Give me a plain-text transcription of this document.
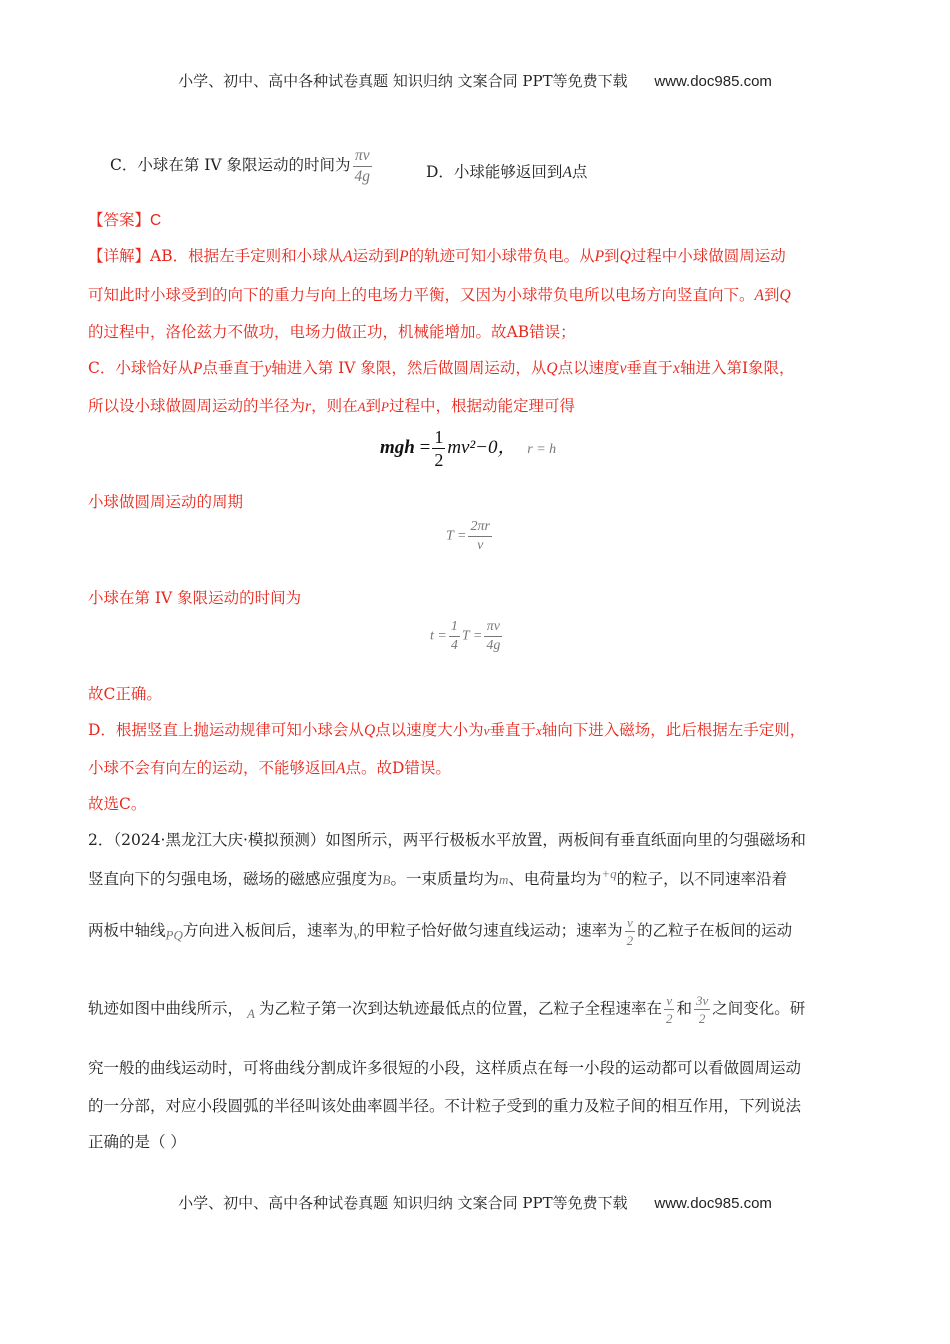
小学、初中、高中各种试卷真题 知识归纳 文案合同 PPT等免费下载 www.doc985.com
C．小球在第 IV 象限运动的时间为 $\frac{\pi v}{4g}$	D．小球能够返回到A点
【答案】C
【详解】AB．根据左手定则和小球从A运动到P的轨迹可知小球带负电。从P到Q过程中小球做圆周运动
可知此时小球受到的向下的重力与向上的电场力平衡，又因为小球带负电所以电场方向竖直向下。A到Q
的过程中，洛伦兹力不做功，电场力做正功，机械能增加。故AB错误；
C．小球恰好从P点垂直于y轴进入第 IV 象限，然后做圆周运动，从Q点以速度v垂直于x轴进入第Ⅰ象限，
所以设小球做圆周运动的半径为r，则在A到P过程中，根据动能定理可得
mgh = $\frac{1}{2} mv^2-0$， r = h
小球做圆周运动的周期
$T = \frac{2\pi r}{v}$
小球在第 IV 象限运动的时间为
$t = \frac{1}{4}$ $T = \frac{\pi v}{4g}$
故C正确。
D．根据竖直上抛运动规律可知小球会从Q点以速度大小为v垂直于x轴向下进入磁场，此后根据左手定则，
小球不会有向左的运动，不能够返回A点。故D错误。
故选C。
2．（2024·黑龙江大庆·模拟预测）如图所示，两平行极板水平放置，两板间有垂直纸面向里的匀强磁场和
竖直向下的匀强电场，磁场的磁感应强度为B。一束质量均为m、电荷量均为$^{+q}$的粒子，以不同速率沿着
两板中轴线$_{PQ}$方向进入板间后，速率为$_v$的甲粒子恰好做匀速直线运动；速率为 $\frac{v}{2}$ 的乙粒子在板间的运动
轨迹如图中曲线所示， $_A$ 为乙粒子第一次到达轨迹最低点的位置，乙粒子全程速率在 $\frac{v}{2}$ 和 $\frac{3v}{2}$ 之间变化。研
究一般的曲线运动时，可将曲线分割成许多很短的小段，这样质点在每一小段的运动都可以看做圆周运动
的一分部，对应小段圆弧的半径叫该处曲率圆半径。不计粒子受到的重力及粒子间的相互作用，下列说法
正确的是（ ）
小学、初中、高中各种试卷真题 知识归纳 文案合同 PPT等免费下载 www.doc985.com
